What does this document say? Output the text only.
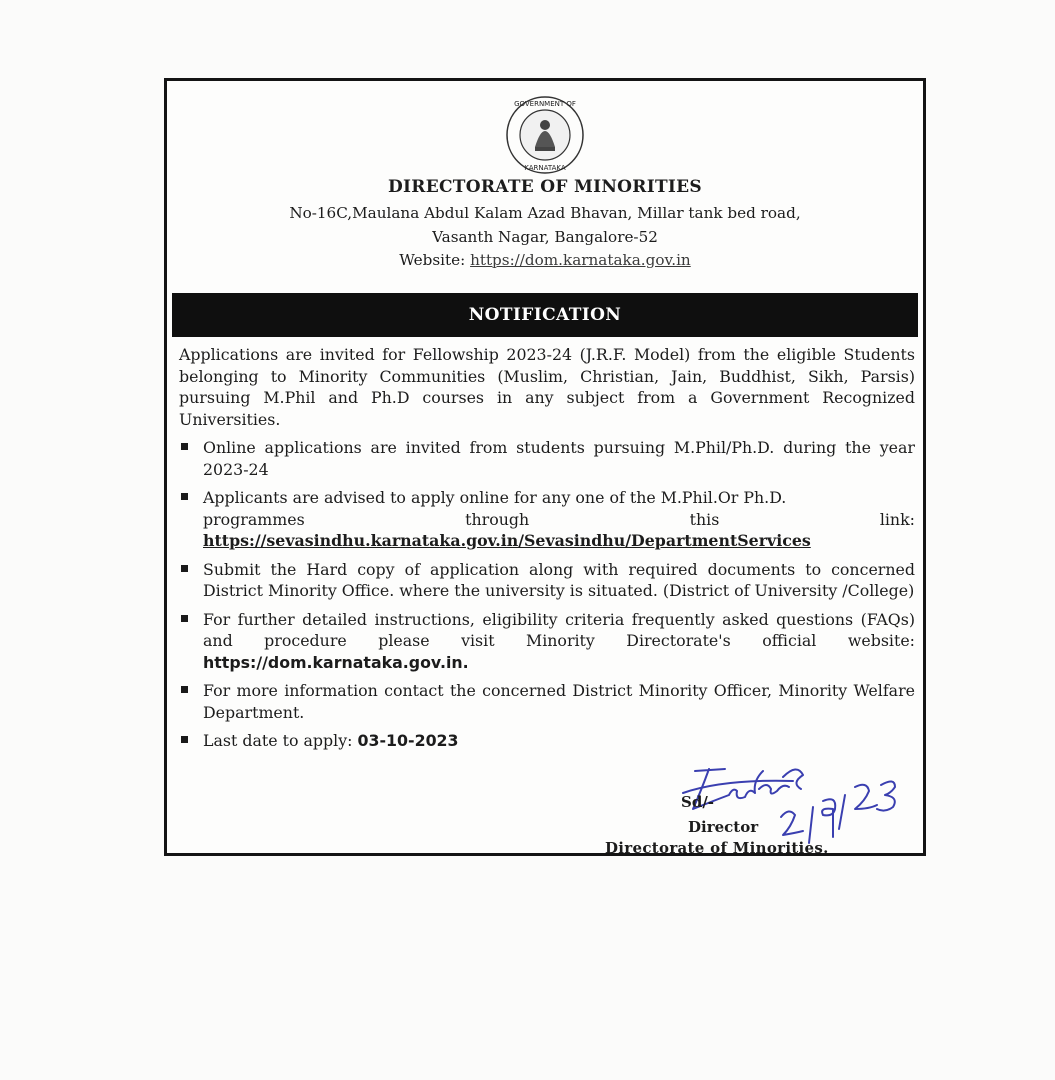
GOVERNMENT OF
KARNATAKA
DIRECTORATE OF MINORITIES
No-16C,Maulana Abdul Kalam Azad Bhavan, Millar tank bed road,
Vasanth Nagar, Bangalore-52
Website: https://dom.karnataka.gov.in
NOTIFICATION
Applications are invited for Fellowship 2023-24 (J.R.F. Model) from the eligible Students belonging to Minority Communities (Muslim, Christian, Jain, Buddhist, Sikh, Parsis) pursuing M.Phil and Ph.D courses in any subject from a Government Recognized Universities.
Online applications are invited from students pursuing M.Phil/Ph.D. during the year 2023-24
Applicants are advised to apply online for any one of the M.Phil.Or Ph.D.
programmes	through	this	link:
https://sevasindhu.karnataka.gov.in/Sevasindhu/DepartmentServices
Submit the Hard copy of application along with required documents to concerned District Minority Office. where the university is situated. (District of University /College)
For further detailed instructions, eligibility criteria frequently asked questions (FAQs) and procedure please visit Minority Directorate's official website: https://dom.karnataka.gov.in.
For more information contact the concerned District Minority Officer, Minority Welfare Department.
Last date to apply: 03-10-2023
Sd/-
Director
Directorate of Minorities.
